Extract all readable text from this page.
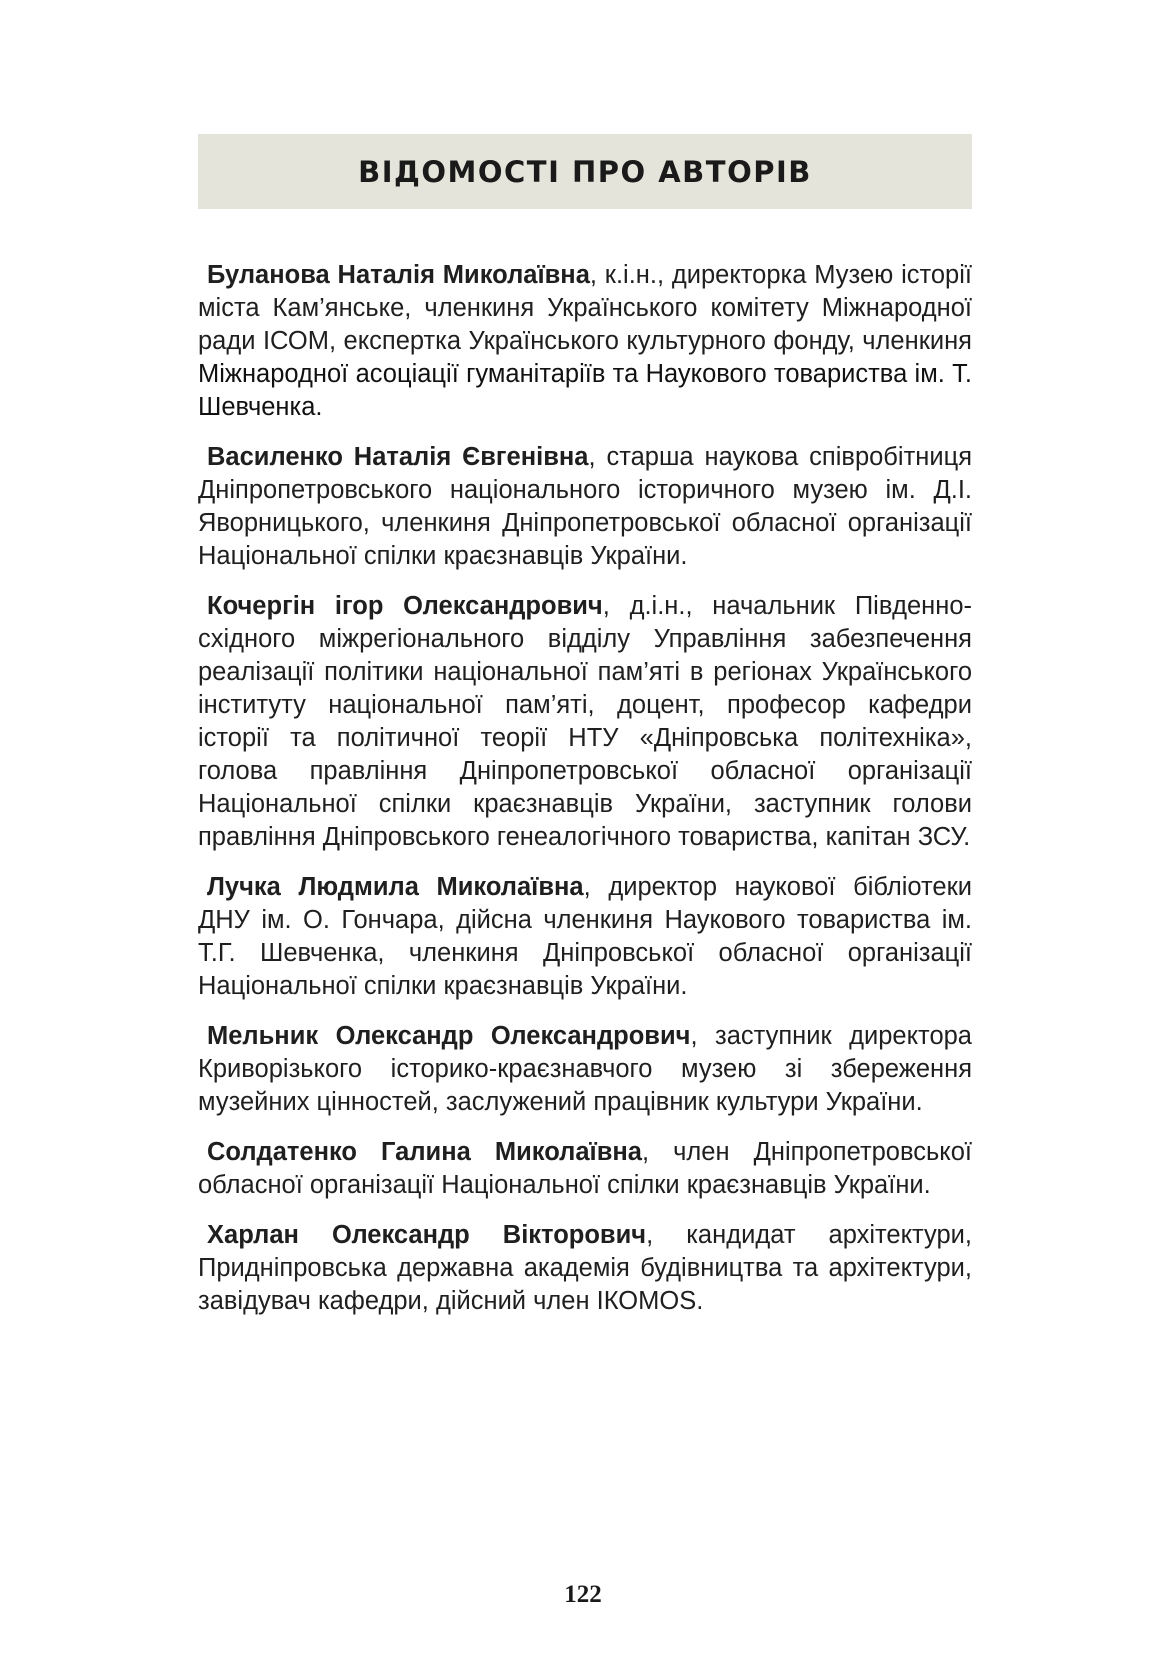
ВІДОМОСТІ ПРО АВТОРІВ

Буланова Наталія Миколаївна, к.і.н., директорка Музею історії міста Кам’янське, членкиня Українського комітету Міжнародної ради ІСОМ, експертка Українського культурного фонду, членкиня Міжнародної асоціації гуманітаріїв та Наукового товариства ім. Т. Шевченка.

Василенко Наталія Євгенівна, старша наукова співробітниця Дніпропетровського національного історичного музею ім. Д.І. Яворницького, членкиня Дніпропетровської обласної організації Національної спілки краєзнавців України.

Кочергін ігор Олександрович, д.і.н., начальник Південно-східного міжрегіонального відділу Управління забезпечення реалізації політики національної пам’яті в регіонах Українського інституту національної пам’яті, доцент, професор кафедри історії та політичної теорії НТУ «Дніпровська політехніка», голова правління Дніпропетровської обласної організації Національної спілки краєзнавців України, заступник голови правління Дніпровського генеалогічного товариства, капітан ЗСУ.

Лучка Людмила Миколаївна, директор наукової бібліотеки ДНУ ім. О. Гончара, дійсна членкиня Наукового товариства ім. Т.Г. Шевченка, членкиня Дніпровської обласної організації Національної спілки краєзнавців України.

Мельник Олександр Олександрович, заступник директора Криворізького історико-краєзнавчого музею зі збереження музейних цінностей, заслужений працівник культури України.

Солдатенко Галина Миколаївна, член Дніпропетровської обласної організації Національної спілки краєзнавців України.

Харлан Олександр Вікторович, кандидат архітектури, Придніпровська державна академія будівництва та архітектури, завідувач кафедри, дійсний член ІКОМОS.

122
